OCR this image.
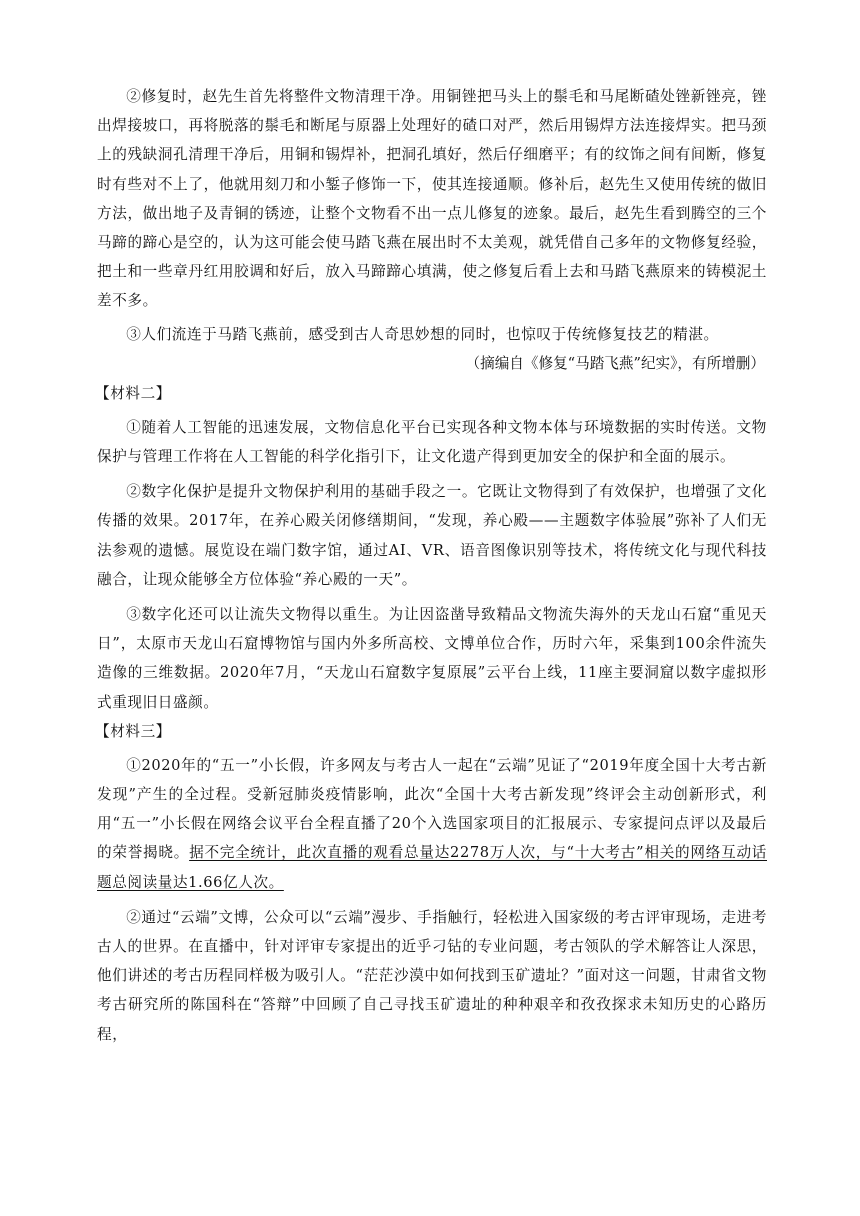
②修复时，赵先生首先将整件文物清理干净。用铜锉把马头上的鬃毛和马尾断碴处锉新锉亮，锉出焊接坡口，再将脱落的鬃毛和断尾与原器上处理好的碴口对严，然后用锡焊方法连接焊实。把马颈上的残缺洞孔清理干净后，用铜和锡焊补，把洞孔填好，然后仔细磨平；有的纹饰之间有间断，修复时有些对不上了，他就用刻刀和小錾子修饰一下，使其连接通顺。修补后，赵先生又使用传统的做旧方法，做出地子及青铜的锈迹，让整个文物看不出一点儿修复的迹象。最后，赵先生看到腾空的三个马蹄的蹄心是空的，认为这可能会使马踏飞燕在展出时不太美观，就凭借自己多年的文物修复经验，把土和一些章丹红用胶调和好后，放入马蹄蹄心填满，使之修复后看上去和马踏飞燕原来的铸模泥土差不多。

③人们流连于马踏飞燕前，感受到古人奇思妙想的同时，也惊叹于传统修复技艺的精湛。

（摘编自《修复“马踏飞燕”纪实》，有所增删）

【材料二】

①随着人工智能的迅速发展，文物信息化平台已实现各种文物本体与环境数据的实时传送。文物保护与管理工作将在人工智能的科学化指引下，让文化遗产得到更加安全的保护和全面的展示。

②数字化保护是提升文物保护利用的基础手段之一。它既让文物得到了有效保护，也增强了文化传播的效果。2017年，在养心殿关闭修缮期间，“发现，养心殿——主题数字体验展”弥补了人们无法参观的遗憾。展览设在端门数字馆，通过AI、VR、语音图像识别等技术，将传统文化与现代科技融合，让现众能够全方位体验“养心殿的一天”。

③数字化还可以让流失文物得以重生。为让因盗凿导致精品文物流失海外的天龙山石窟“重见天日”，太原市天龙山石窟博物馆与国内外多所高校、文博单位合作，历时六年，采集到100余件流失造像的三维数据。2020年7月，“天龙山石窟数字复原展”云平台上线，11座主要洞窟以数字虚拟形式重现旧日盛颜。

【材料三】

①2020年的“五一”小长假，许多网友与考古人一起在“云端”见证了“2019年度全国十大考古新发现”产生的全过程。受新冠肺炎疫情影响，此次“全国十大考古新发现”终评会主动创新形式，利用“五一”小长假在网络会议平台全程直播了20个入选国家项目的汇报展示、专家提问点评以及最后的荣誉揭晓。据不完全统计，此次直播的观看总量达2278万人次，与“十大考古”相关的网络互动话题总阅读量达1.66亿人次。

②通过“云端”文博，公众可以“云端”漫步、手指触行，轻松进入国家级的考古评审现场，走进考古人的世界。在直播中，针对评审专家提出的近乎刁钻的专业问题，考古领队的学术解答让人深思，他们讲述的考古历程同样极为吸引人。“茫茫沙漠中如何找到玉矿遗址？”面对这一问题，甘肃省文物考古研究所的陈国科在“答辩”中回顾了自己寻找玉矿遗址的种种艰辛和孜孜探求未知历史的心路历程，
